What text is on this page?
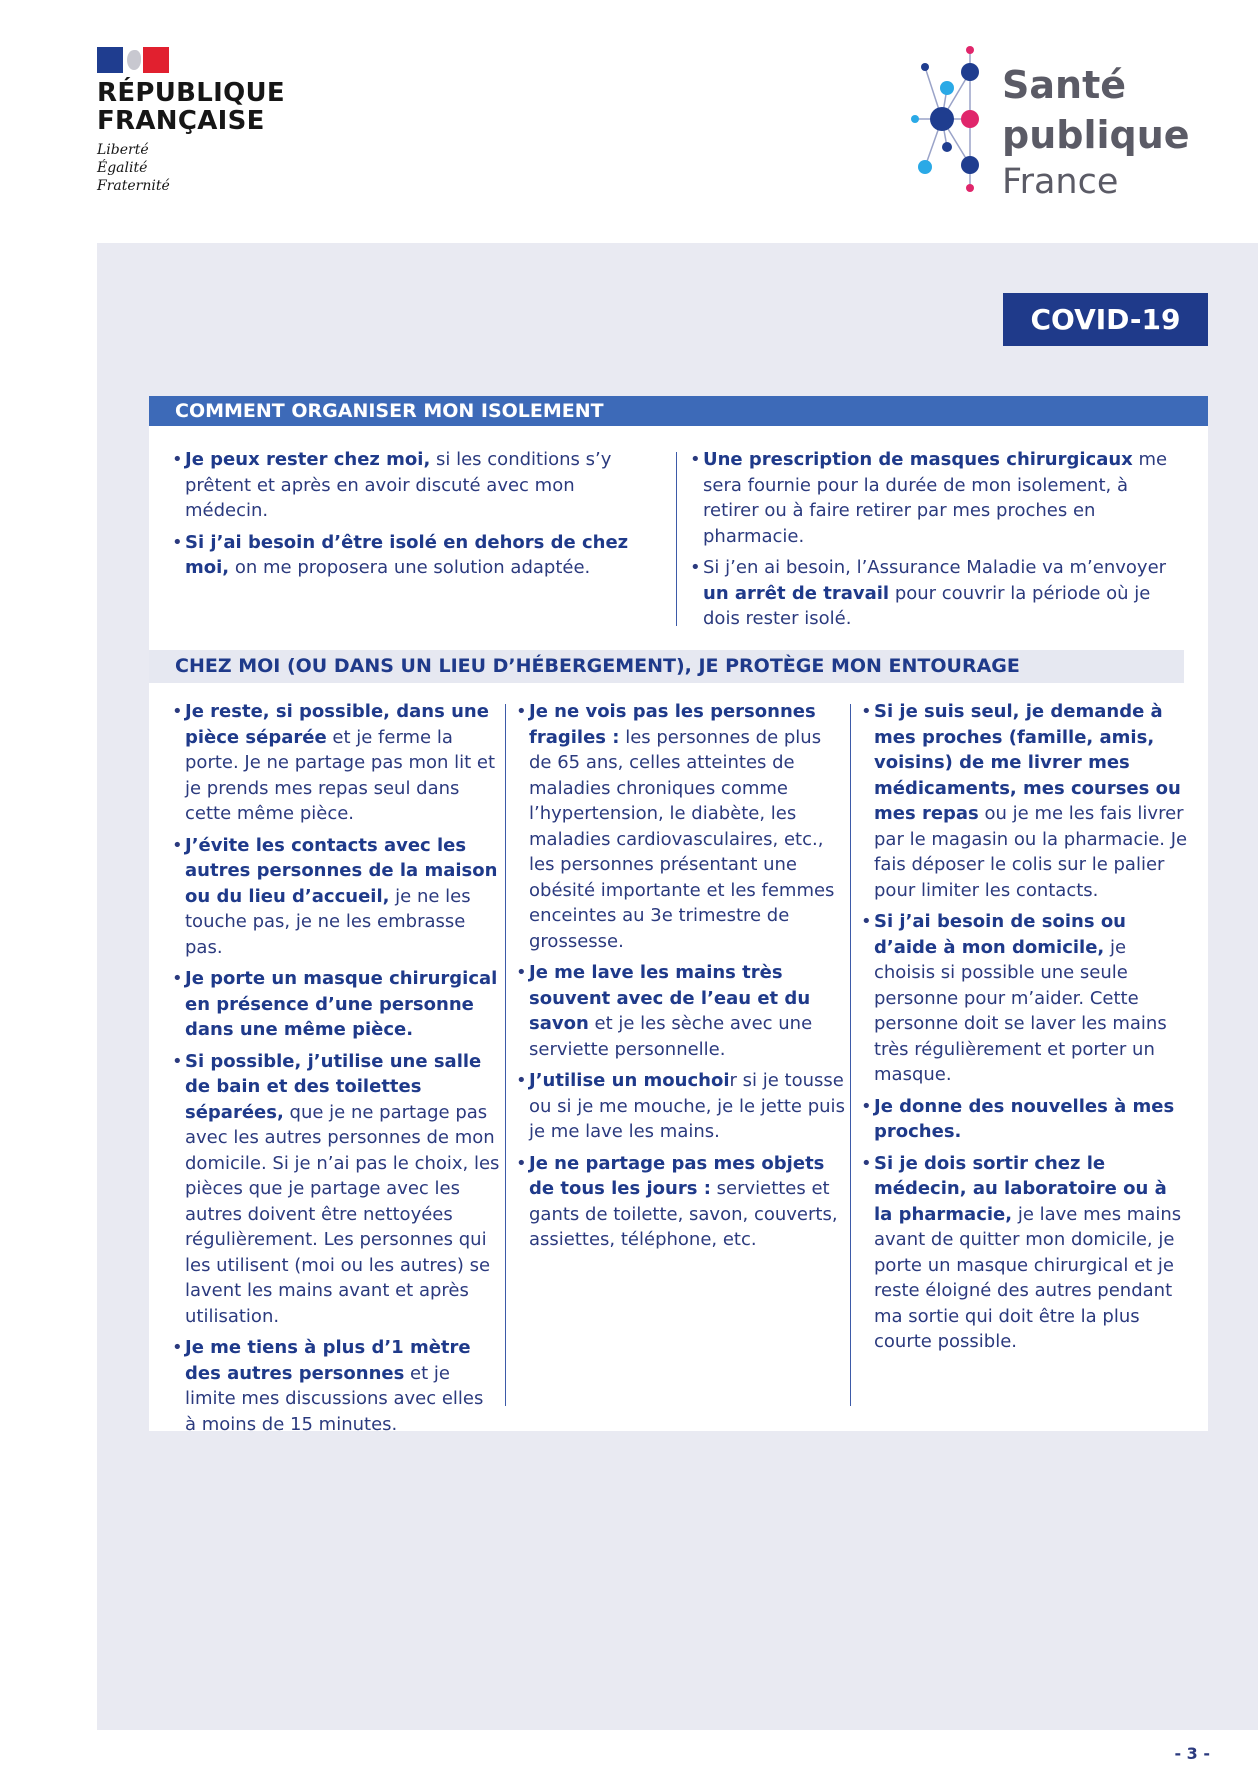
RÉPUBLIQUE
FRANÇAISE
Liberté
Égalité
Fraternité
Santé
publique
France
COVID-19
COMMENT ORGANISER MON ISOLEMENT
• Je peux rester chez moi, si les conditions s’y prêtent et après en avoir discuté avec mon médecin.
• Si j’ai besoin d’être isolé en dehors de chez moi, on me proposera une solution adaptée.
• Une prescription de masques chirurgicaux me sera fournie pour la durée de mon isolement, à retirer ou à faire retirer par mes proches en pharmacie.
• Si j’en ai besoin, l’Assurance Maladie va m’envoyer un arrêt de travail pour couvrir la période où je dois rester isolé.
CHEZ MOI (OU DANS UN LIEU D’HÉBERGEMENT), JE PROTÈGE MON ENTOURAGE
• Je reste, si possible, dans une pièce séparée et je ferme la porte. Je ne partage pas mon lit et je prends mes repas seul dans cette même pièce.
• J’évite les contacts avec les autres personnes de la maison ou du lieu d’accueil, je ne les touche pas, je ne les embrasse pas.
• Je porte un masque chirurgical en présence d’une personne dans une même pièce.
• Si possible, j’utilise une salle de bain et des toilettes séparées, que je ne partage pas avec les autres personnes de mon domicile. Si je n’ai pas le choix, les pièces que je partage avec les autres doivent être nettoyées régulièrement. Les personnes qui les utilisent (moi ou les autres) se lavent les mains avant et après utilisation.
• Je me tiens à plus d’1 mètre des autres personnes et je limite mes discussions avec elles à moins de 15 minutes.
• Je ne vois pas les personnes fragiles : les personnes de plus de 65 ans, celles atteintes de maladies chroniques comme l’hypertension, le diabète, les maladies cardiovasculaires, etc., les personnes présentant une obésité importante et les femmes enceintes au 3e trimestre de grossesse.
• Je me lave les mains très souvent avec de l’eau et du savon et je les sèche avec une serviette personnelle.
• J’utilise un mouchoir si je tousse ou si je me mouche, je le jette puis je me lave les mains.
• Je ne partage pas mes objets de tous les jours : serviettes et gants de toilette, savon, couverts, assiettes, téléphone, etc.
• Si je suis seul, je demande à mes proches (famille, amis, voisins) de me livrer mes médicaments, mes courses ou mes repas ou je me les fais livrer par le magasin ou la pharmacie. Je fais déposer le colis sur le palier pour limiter les contacts.
• Si j’ai besoin de soins ou d’aide à mon domicile, je choisis si possible une seule personne pour m’aider. Cette personne doit se laver les mains très régulièrement et porter un masque.
• Je donne des nouvelles à mes proches.
• Si je dois sortir chez le médecin, au laboratoire ou à la pharmacie, je lave mes mains avant de quitter mon domicile, je porte un masque chirurgical et je reste éloigné des autres pendant ma sortie qui doit être la plus courte possible.
- 3 -
